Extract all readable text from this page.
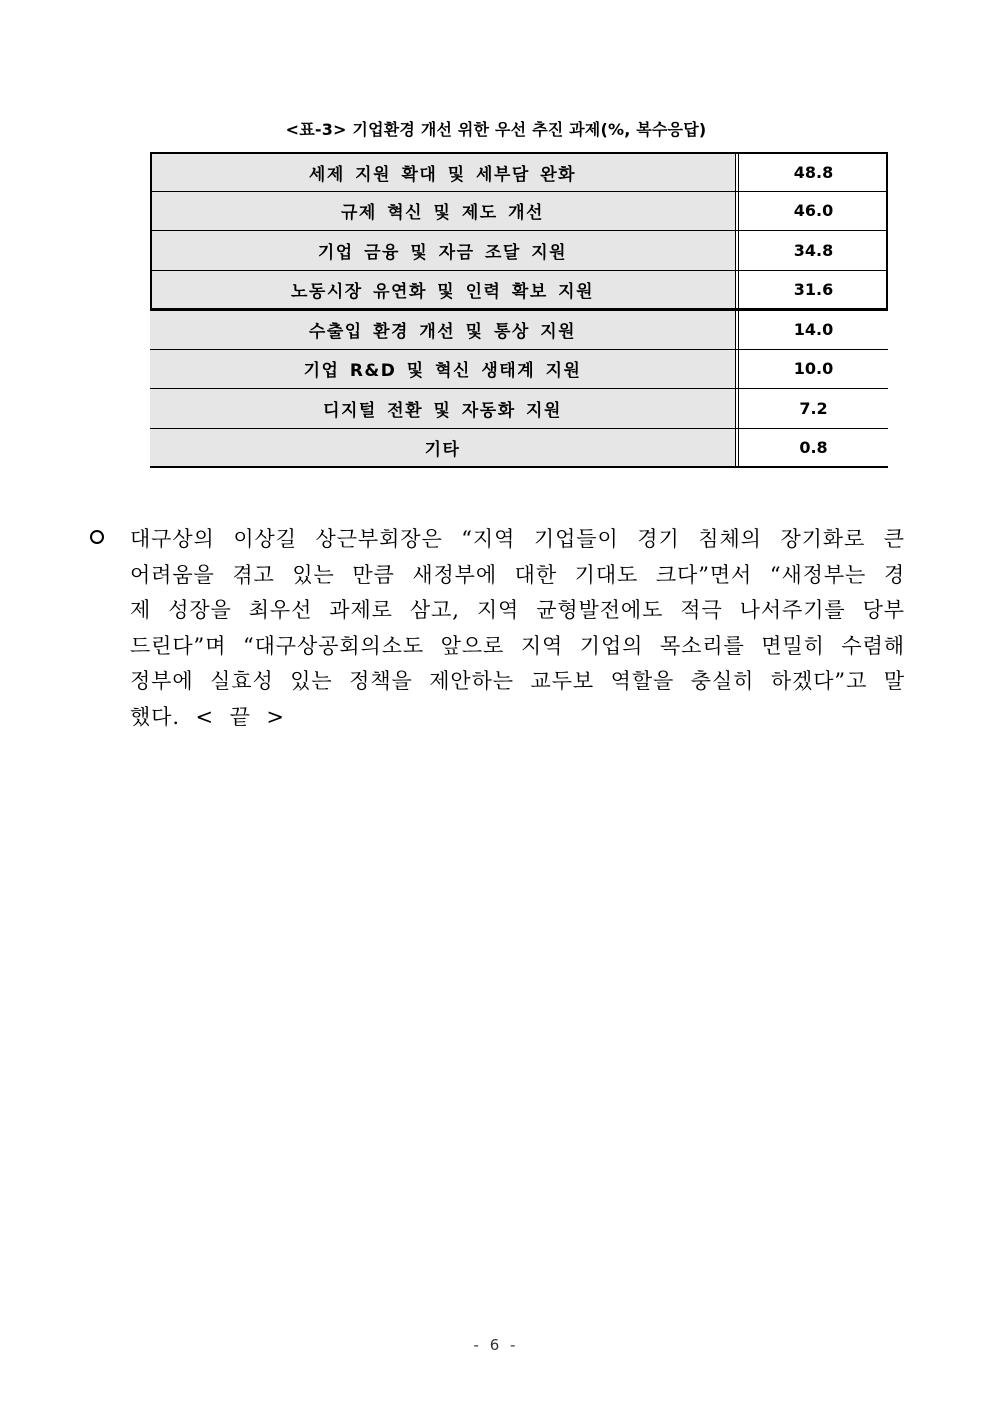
<표-3> 기업환경 개선 위한 우선 추진 과제(%, 복수응답)
세제 지원 확대 및 세부담 완화	48.8
규제 혁신 및 제도 개선	46.0
기업 금융 및 자금 조달 지원	34.8
노동시장 유연화 및 인력 확보 지원	31.6
수출입 환경 개선 및 통상 지원	14.0
기업 R&D 및 혁신 생태계 지원	10.0
디지털 전환 및 자동화 지원	7.2
기타	0.8
대구상의 이상길 상근부회장은 “지역 기업들이 경기 침체의 장기화로 큰 어려움을 겪고 있는 만큼 새정부에 대한 기대도 크다”면서 “새정부는 경제 성장을 최우선 과제로 삼고, 지역 균형발전에도 적극 나서주기를 당부드린다”며 “대구상공회의소도 앞으로 지역 기업의 목소리를 면밀히 수렴해 정부에 실효성 있는 정책을 제안하는 교두보 역할을 충실히 하겠다”고 말했다. < 끝 >
- 6 -
